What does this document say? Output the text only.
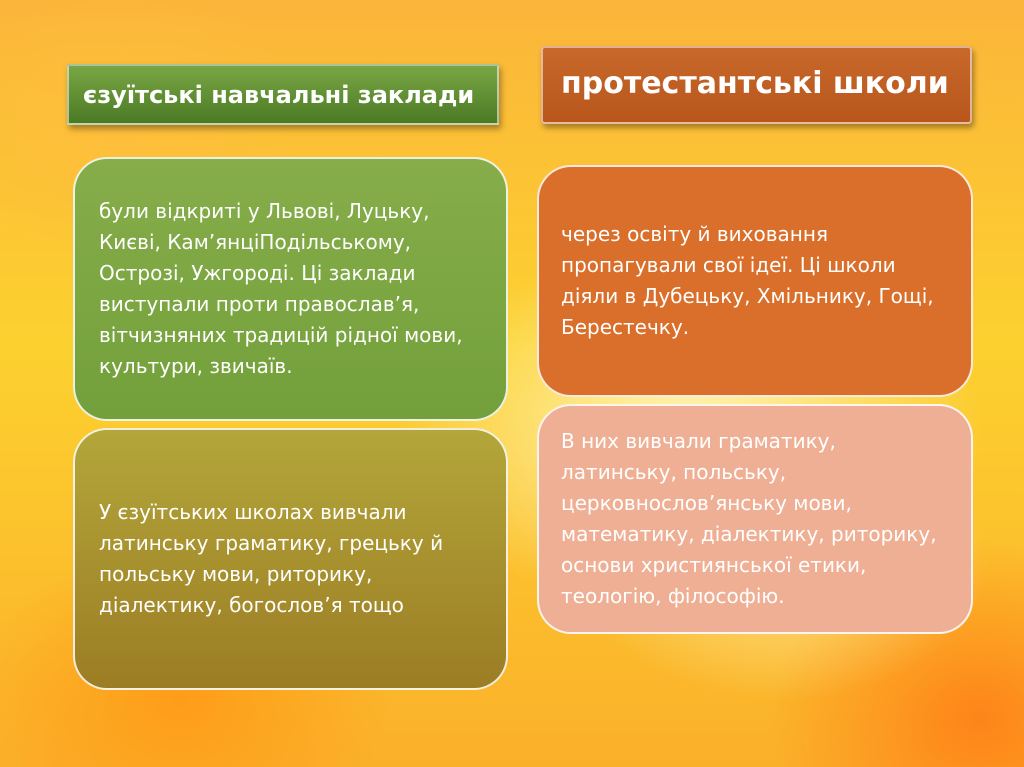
єзуїтські навчальні заклади	протестантські школи

були відкриті у Львові, Луцьку, Києві, Кам’янціПодільському, Острозі, Ужгороді. Ці заклади виступали проти православ’я, вітчизняних традицій рідної мови, культури, звичаїв.

У єзуїтських школах вивчали латинську граматику, грецьку й польську мови, риторику, діалектику, богослов’я тощо

через освіту й виховання пропагували свої ідеї. Ці школи діяли в Дубецьку, Хмільнику, Гощі, Берестечку.

В них вивчали граматику, латинську, польську, церковнослов’янську мови, математику, діалектику, риторику, основи християнської етики, теологію, філософію.
